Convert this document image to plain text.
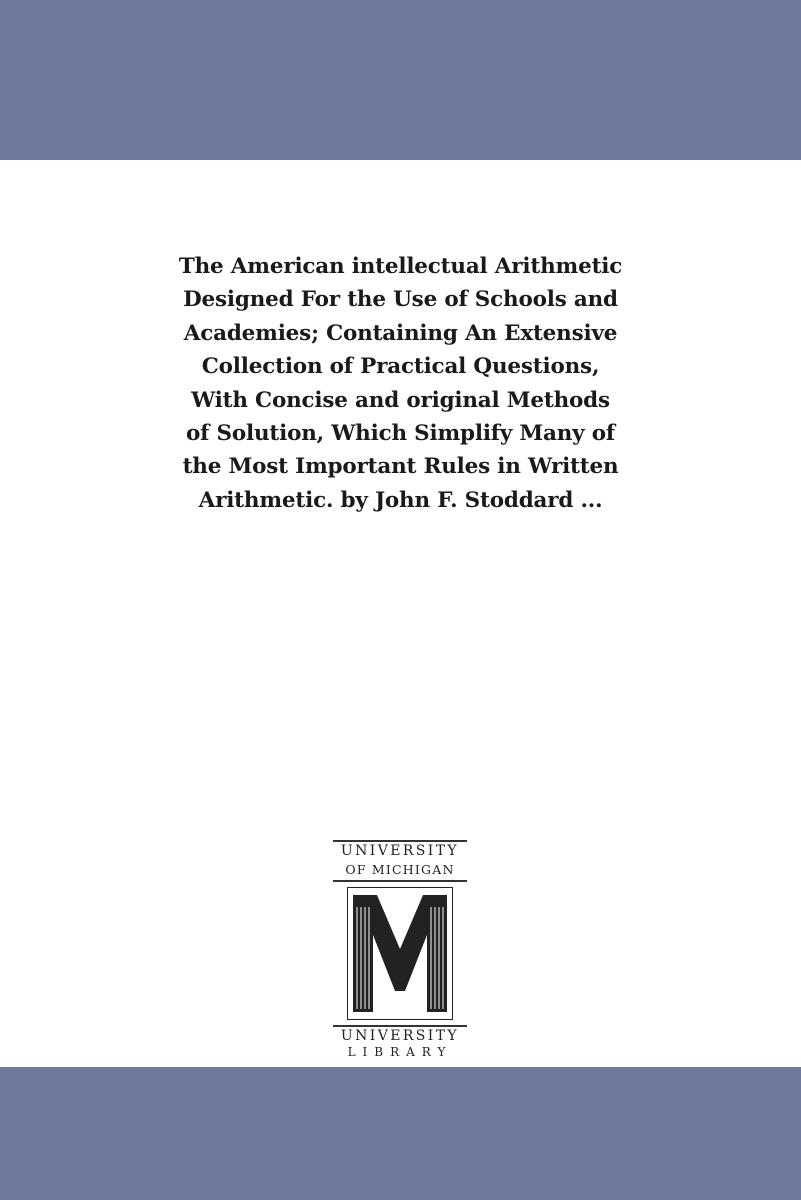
The American intellectual Arithmetic
Designed For the Use of Schools and
Academies; Containing An Extensive
Collection of Practical Questions,
With Concise and original Methods
of Solution, Which Simplify Many of
the Most Important Rules in Written
Arithmetic. by John F. Stoddard ...
UNIVERSITY
OF MICHIGAN
UNIVERSITY
LIBRARY
